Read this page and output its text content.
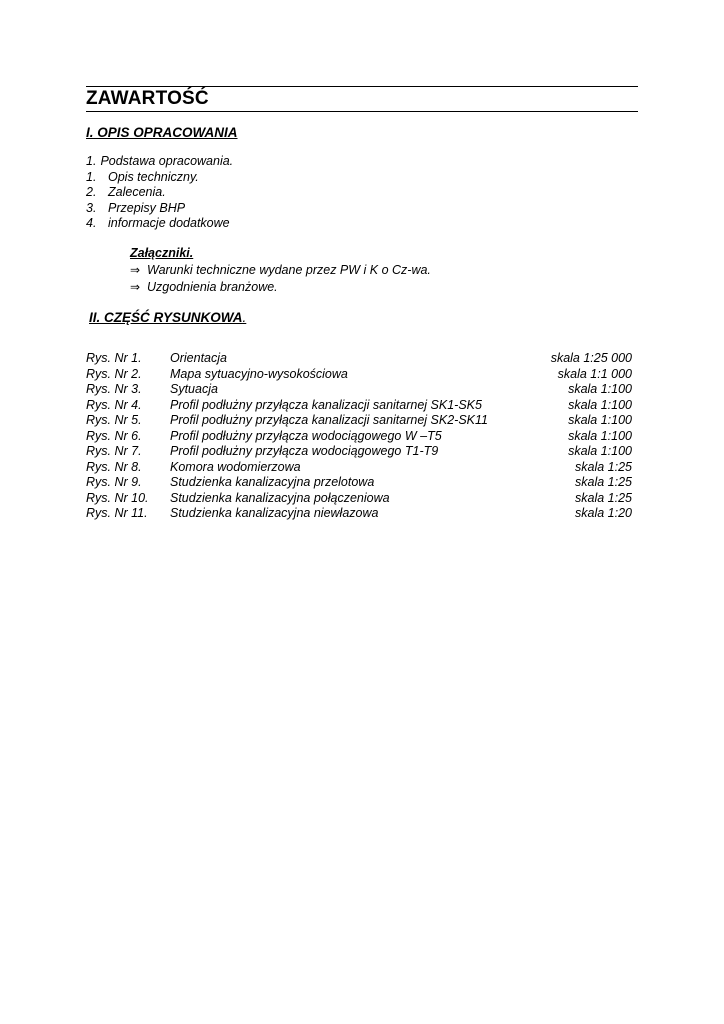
ZAWARTOŚĆ
I. OPIS OPRACOWANIA
1. Podstawa opracowania.
1. Opis techniczny.
2. Zalecenia.
3. Przepisy BHP
4. informacje dodatkowe
Załączniki.
⇒ Warunki techniczne wydane przez PW i K o Cz-wa.
⇒ Uzgodnienia branżowe.
II. CZĘŚĆ RYSUNKOWA.
Rys. Nr 1. Orientacja	skala 1:25 000
Rys. Nr 2. Mapa sytuacyjno-wysokościowa	skala 1:1 000
Rys. Nr 3. Sytuacja	skala 1:100
Rys. Nr 4. Profil podłużny przyłącza kanalizacji sanitarnej SK1-SK5	skala 1:100
Rys. Nr 5. Profil podłużny przyłącza kanalizacji sanitarnej SK2-SK11	skala 1:100
Rys. Nr 6. Profil podłużny przyłącza wodociągowego W –T5	skala 1:100
Rys. Nr 7. Profil podłużny przyłącza wodociągowego T1-T9	skala 1:100
Rys. Nr 8. Komora wodomierzowa	skala 1:25
Rys. Nr 9. Studzienka kanalizacyjna przelotowa	skala 1:25
Rys. Nr 10. Studzienka kanalizacyjna połączeniowa	skala 1:25
Rys. Nr 11. Studzienka kanalizacyjna niewłazowa	skala 1:20
